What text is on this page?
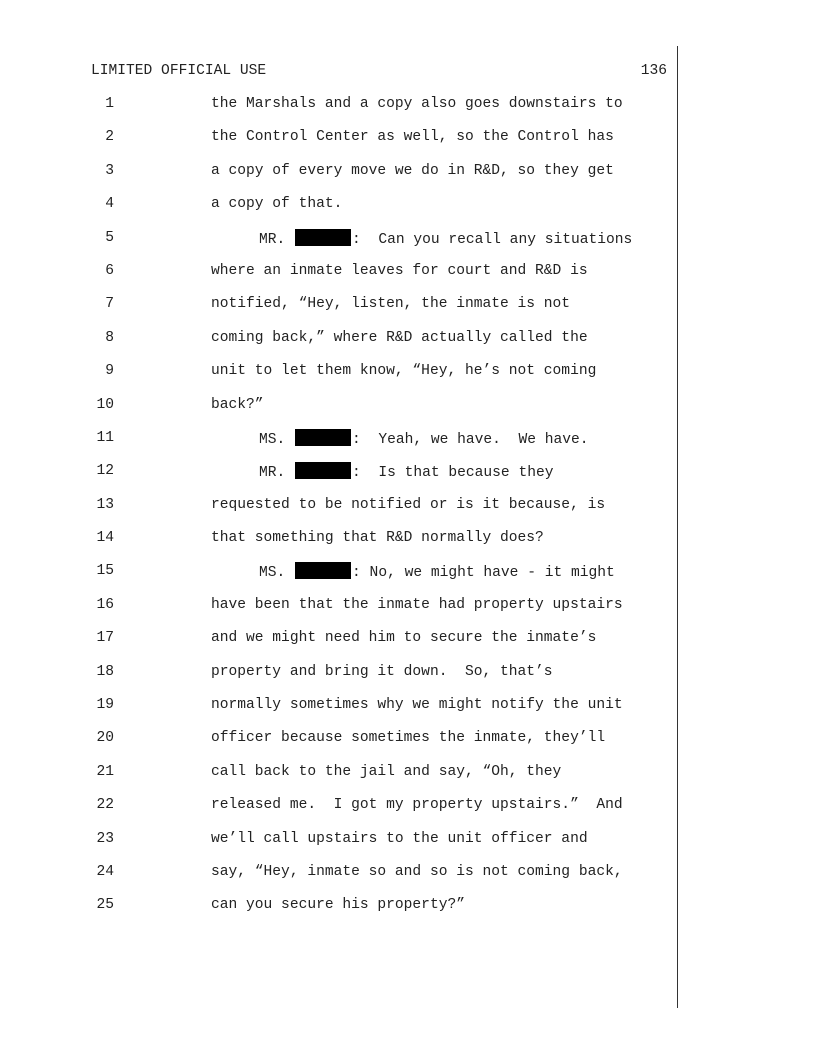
LIMITED OFFICIAL USE	136
1	the Marshals and a copy also goes downstairs to
2	the Control Center as well, so the Control has
3	a copy of every move we do in R&D, so they get
4	a copy of that.
5	MR.	:  Can you recall any situations
6	where an inmate leaves for court and R&D is
7	notified, “Hey, listen, the inmate is not
8	coming back,” where R&D actually called the
9	unit to let them know, “Hey, he’s not coming
10	back?”
11	MS.	:  Yeah, we have.  We have.
12	MR.	:  Is that because they
13	requested to be notified or is it because, is
14	that something that R&D normally does?
15	MS.	: No, we might have - it might
16	have been that the inmate had property upstairs
17	and we might need him to secure the inmate’s
18	property and bring it down.  So, that’s
19	normally sometimes why we might notify the unit
20	officer because sometimes the inmate, they’ll
21	call back to the jail and say, “Oh, they
22	released me.  I got my property upstairs.”  And
23	we’ll call upstairs to the unit officer and
24	say, “Hey, inmate so and so is not coming back,
25	can you secure his property?”
